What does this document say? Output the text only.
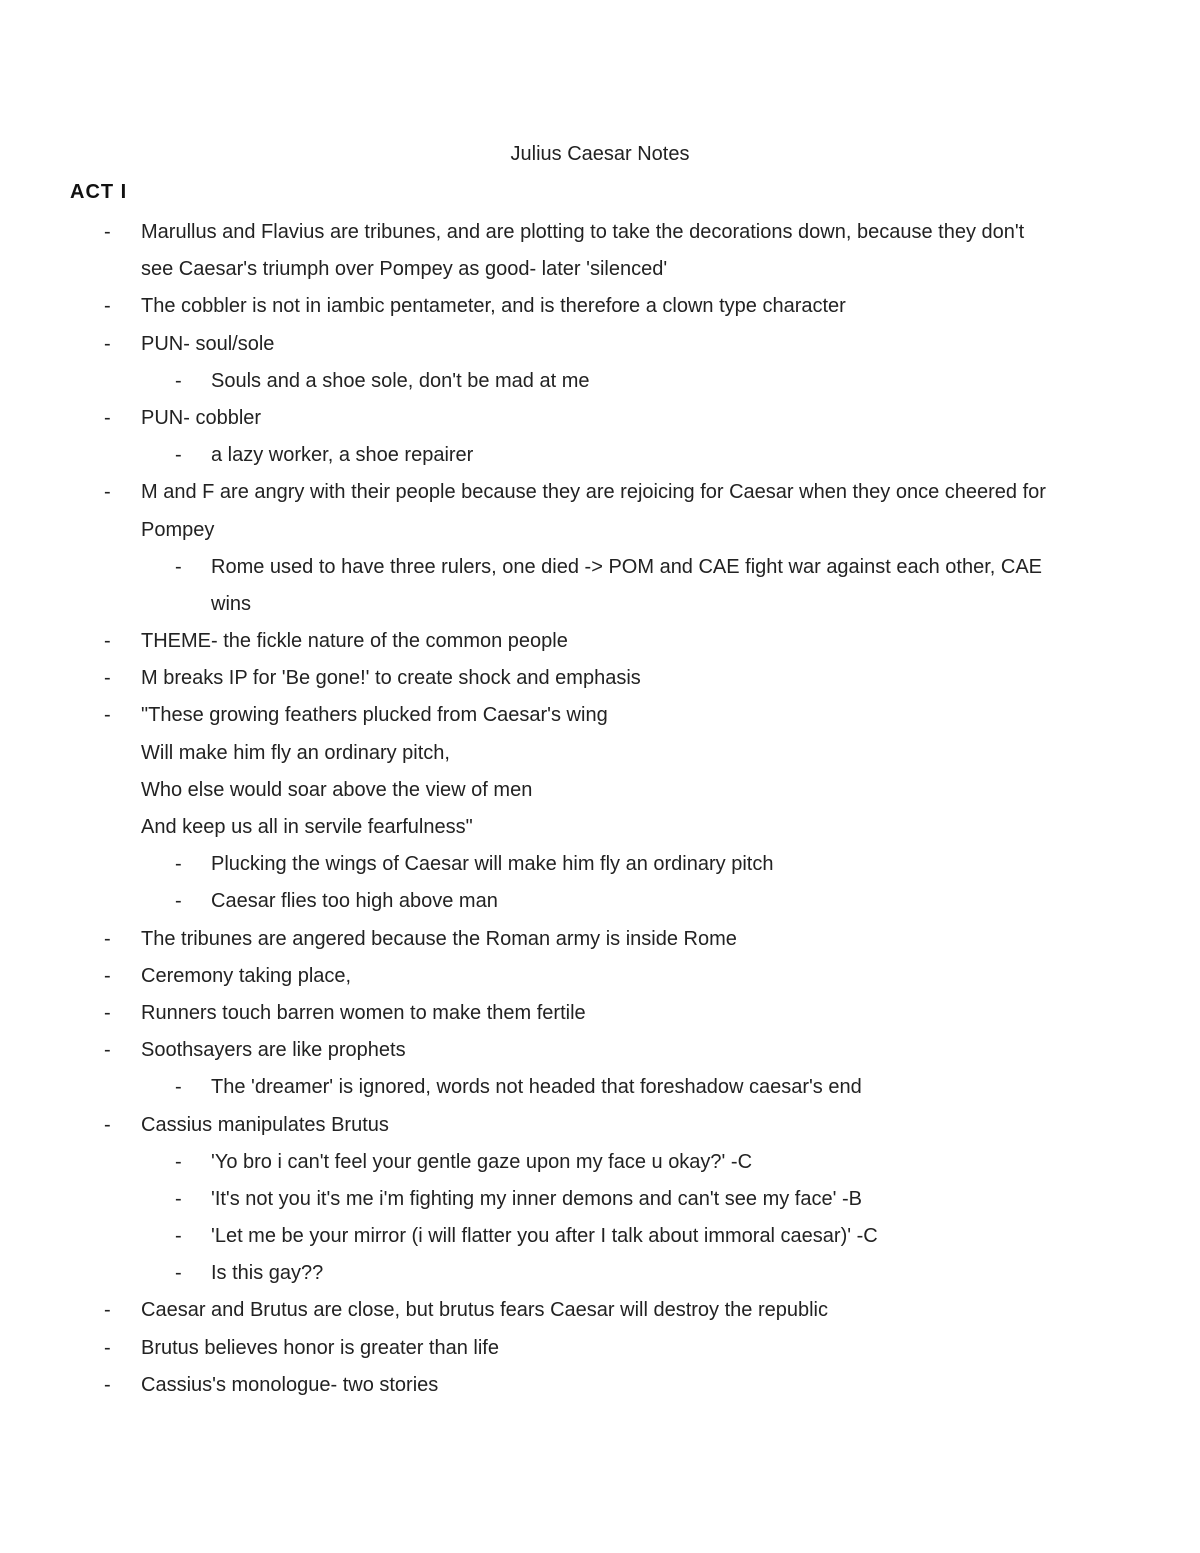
Julius Caesar Notes
ACT I
- Marullus and Flavius are tribunes, and are plotting to take the decorations down, because they don't
see Caesar's triumph over Pompey as good- later 'silenced'
- The cobbler is not in iambic pentameter, and is therefore a clown type character
- PUN- soul/sole
- Souls and a shoe sole, don't be mad at me
- PUN- cobbler
- a lazy worker, a shoe repairer
- M and F are angry with their people because they are rejoicing for Caesar when they once cheered for
Pompey
- Rome used to have three rulers, one died -> POM and CAE fight war against each other, CAE
wins
- THEME- the fickle nature of the common people
- M breaks IP for 'Be gone!' to create shock and emphasis
- "These growing feathers plucked from Caesar's wing
Will make him fly an ordinary pitch,
Who else would soar above the view of men
And keep us all in servile fearfulness"
- Plucking the wings of Caesar will make him fly an ordinary pitch
- Caesar flies too high above man
- The tribunes are angered because the Roman army is inside Rome
- Ceremony taking place,
- Runners touch barren women to make them fertile
- Soothsayers are like prophets
- The 'dreamer' is ignored, words not headed that foreshadow caesar's end
- Cassius manipulates Brutus
- 'Yo bro i can't feel your gentle gaze upon my face u okay?' -C
- 'It's not you it's me i'm fighting my inner demons and can't see my face' -B
- 'Let me be your mirror (i will flatter you after I talk about immoral caesar)' -C
- Is this gay??
- Caesar and Brutus are close, but brutus fears Caesar will destroy the republic
- Brutus believes honor is greater than life
- Cassius's monologue- two stories
